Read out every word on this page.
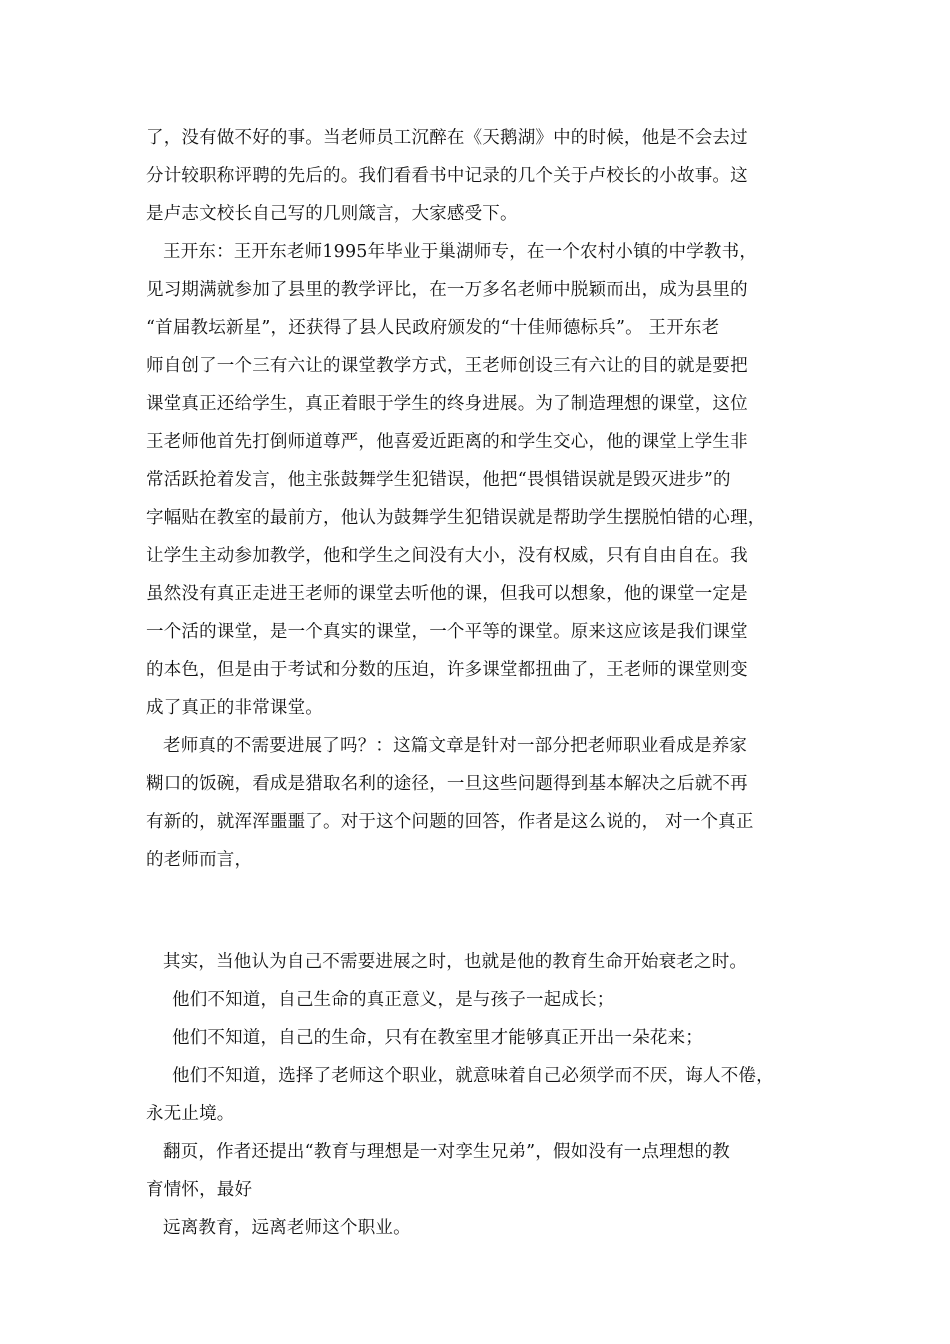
了，没有做不好的事。当老师员工沉醉在《天鹅湖》中的时候，他是不会去过
分计较职称评聘的先后的。我们看看书中记录的几个关于卢校长的小故事。这
是卢志文校长自己写的几则箴言，大家感受下。
王开东：王开东老师1995年毕业于巢湖师专，在一个农村小镇的中学教书，
见习期满就参加了县里的教学评比，在一万多名老师中脱颖而出，成为县里的
“首届教坛新星”，还获得了县人民政府颁发的“十佳师德标兵”。 王开东老
师自创了一个三有六让的课堂教学方式，王老师创设三有六让的目的就是要把
课堂真正还给学生，真正着眼于学生的终身进展。为了制造理想的课堂，这位
王老师他首先打倒师道尊严，他喜爱近距离的和学生交心，他的课堂上学生非
常活跃抢着发言，他主张鼓舞学生犯错误，他把“畏惧错误就是毁灭进步”的
字幅贴在教室的最前方，他认为鼓舞学生犯错误就是帮助学生摆脱怕错的心理，
让学生主动参加教学，他和学生之间没有大小，没有权威，只有自由自在。我
虽然没有真正走进王老师的课堂去听他的课，但我可以想象，他的课堂一定是
一个活的课堂，是一个真实的课堂，一个平等的课堂。原来这应该是我们课堂
的本色，但是由于考试和分数的压迫，许多课堂都扭曲了，王老师的课堂则变
成了真正的非常课堂。
老师真的不需要进展了吗？：这篇文章是针对一部分把老师职业看成是养家
糊口的饭碗，看成是猎取名利的途径，一旦这些问题得到基本解决之后就不再
有新的，就浑浑噩噩了。对于这个问题的回答，作者是这么说的， 对一个真正
的老师而言，
其实，当他认为自己不需要进展之时，也就是他的教育生命开始衰老之时。
他们不知道，自己生命的真正意义，是与孩子一起成长；
他们不知道，自己的生命，只有在教室里才能够真正开出一朵花来；
他们不知道，选择了老师这个职业，就意味着自己必须学而不厌，诲人不倦，
永无止境。
翻页，作者还提出“教育与理想是一对孪生兄弟”，假如没有一点理想的教
育情怀，最好
远离教育，远离老师这个职业。
